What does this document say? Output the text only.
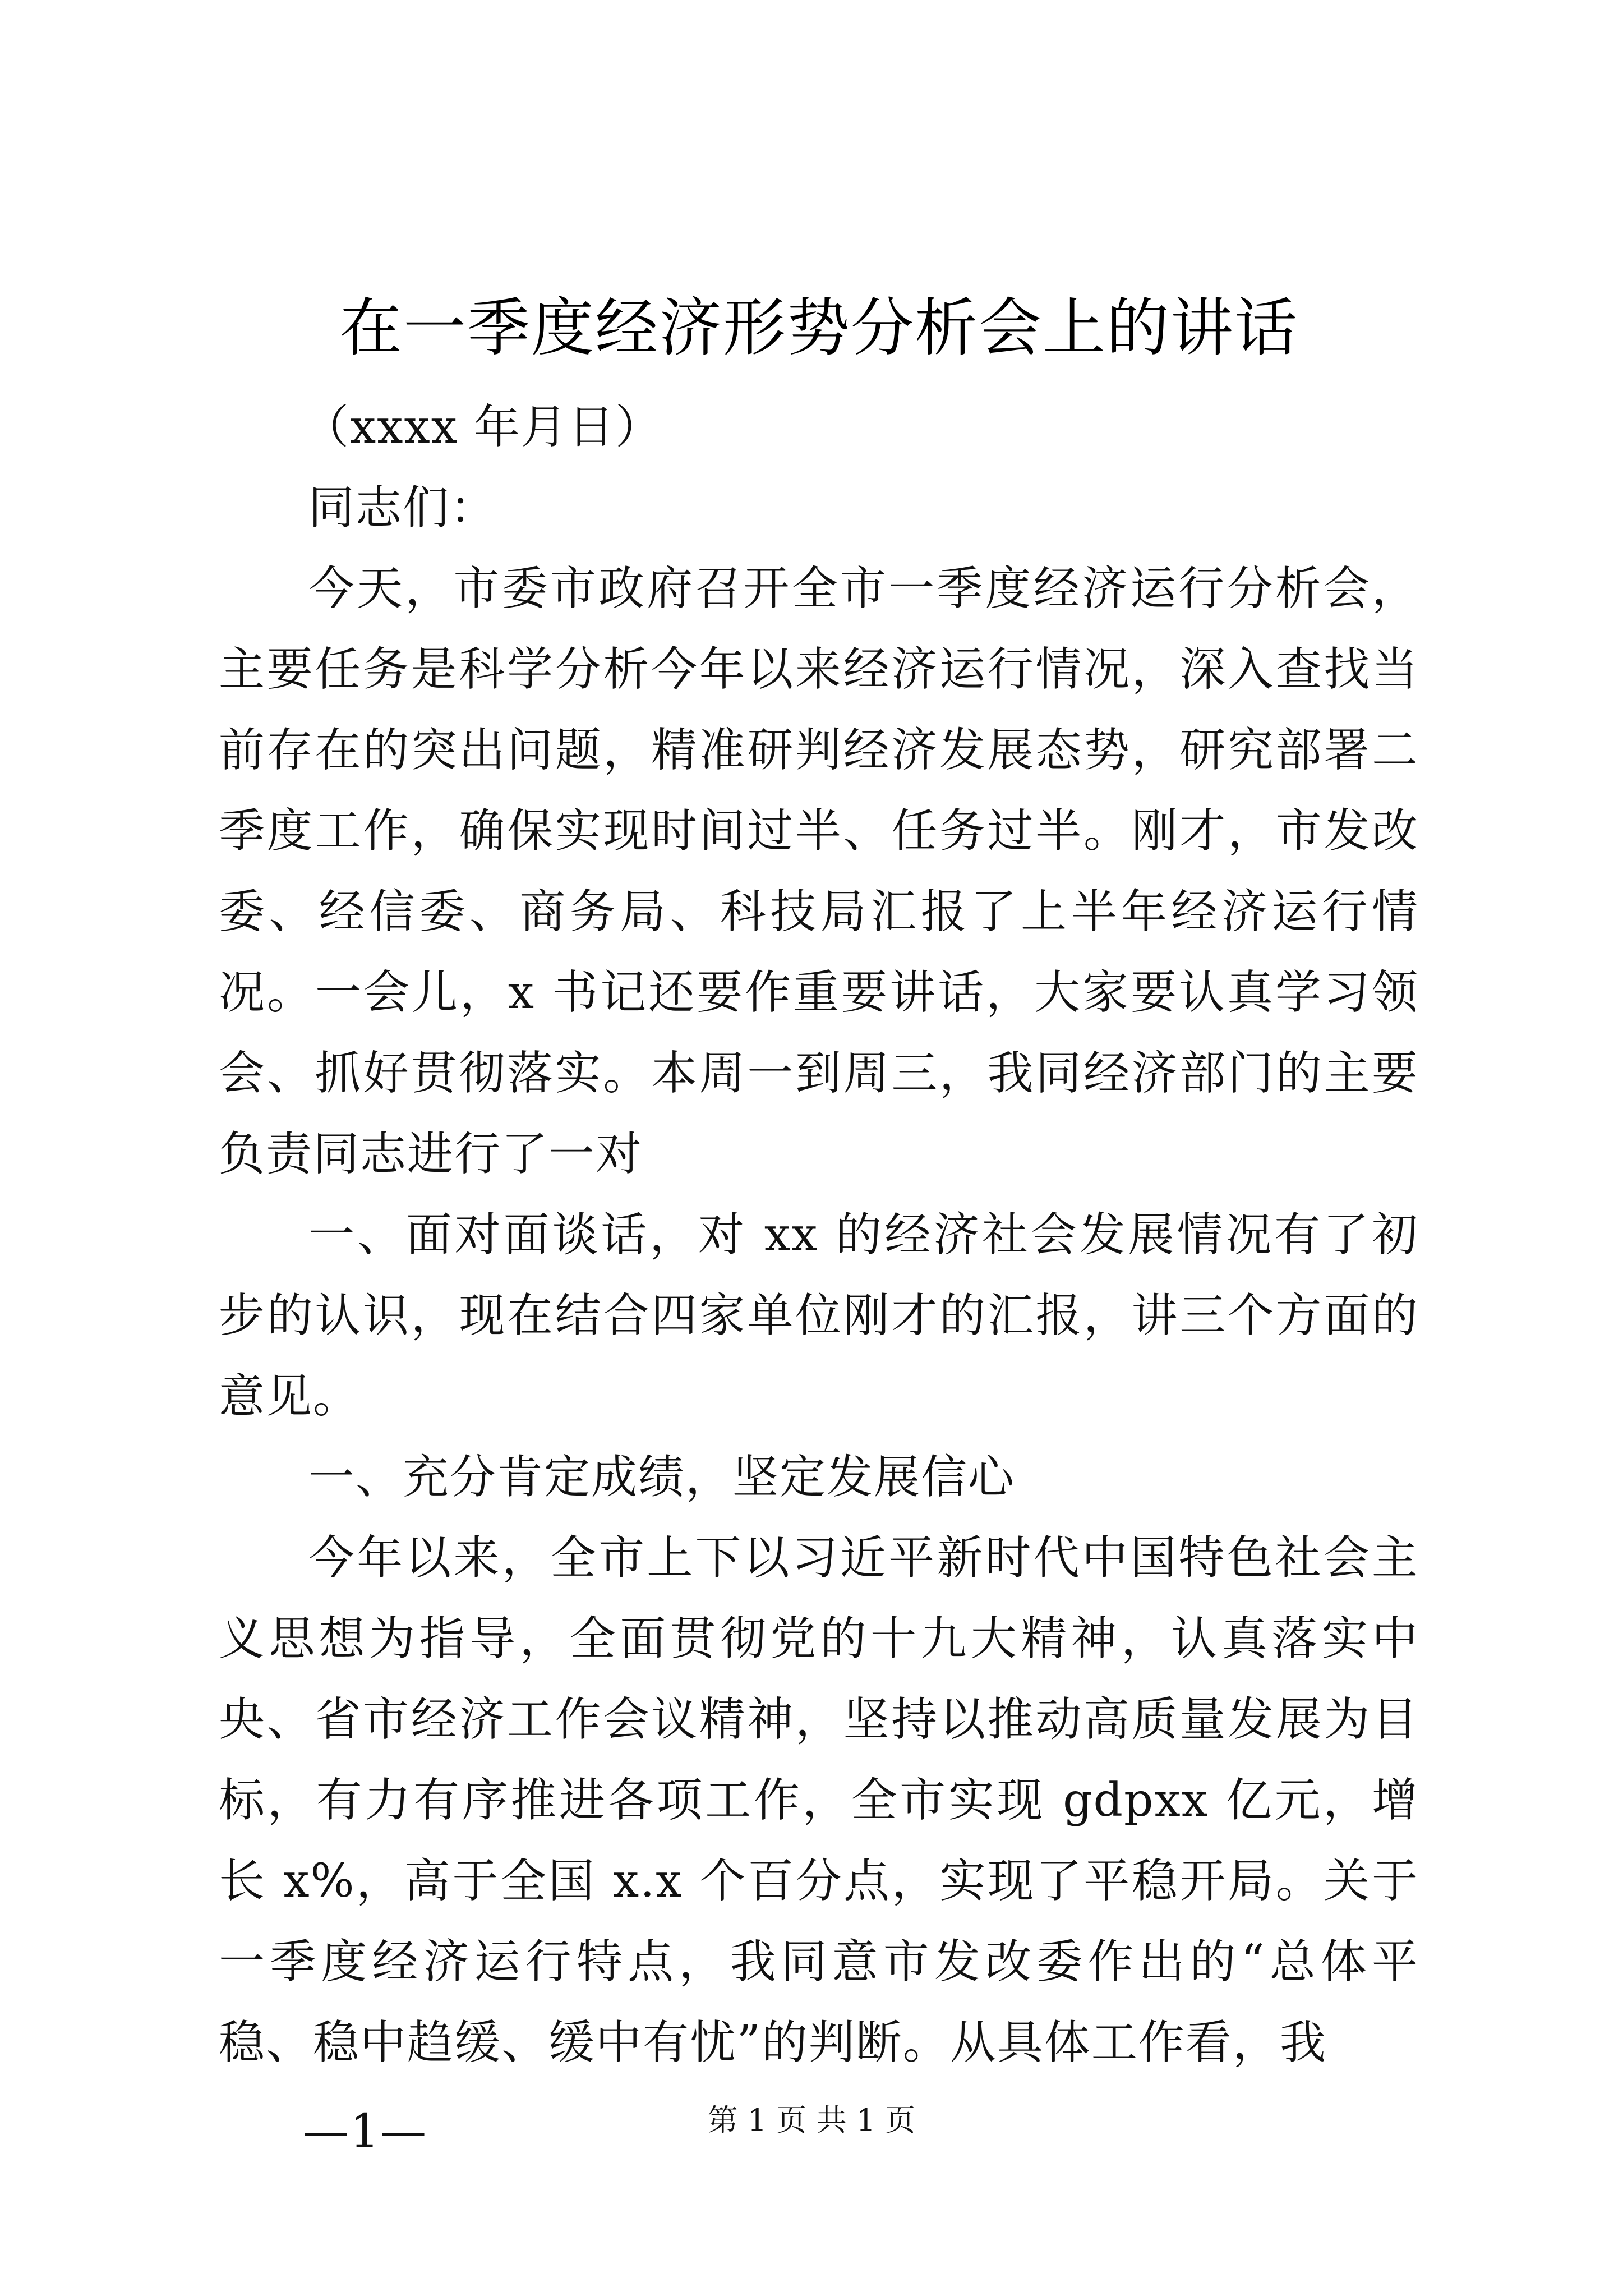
在一季度经济形势分析会上的讲话

（xxxx 年月日）

同志们：

今天，市委市政府召开全市一季度经济运行分析会，主要任务是科学分析今年以来经济运行情况，深入查找当前存在的突出问题，精准研判经济发展态势，研究部署二季度工作，确保实现时间过半、任务过半。刚才，市发改委、经信委、商务局、科技局汇报了上半年经济运行情况。一会儿，x 书记还要作重要讲话，大家要认真学习领会、抓好贯彻落实。本周一到周三，我同经济部门的主要负责同志进行了一对

一、面对面谈话，对 xx 的经济社会发展情况有了初步的认识，现在结合四家单位刚才的汇报，讲三个方面的意见。

一、充分肯定成绩，坚定发展信心

今年以来，全市上下以习近平新时代中国特色社会主义思想为指导，全面贯彻党的十九大精神，认真落实中央、省市经济工作会议精神，坚持以推动高质量发展为目标，有力有序推进各项工作，全市实现 gdpxx 亿元，增长 x%，高于全国 x.x 个百分点，实现了平稳开局。关于一季度经济运行特点，我同意市发改委作出的“总体平稳、稳中趋缓、缓中有忧”的判断。从具体工作看，我

—1—	第 1 页 共 1 页
